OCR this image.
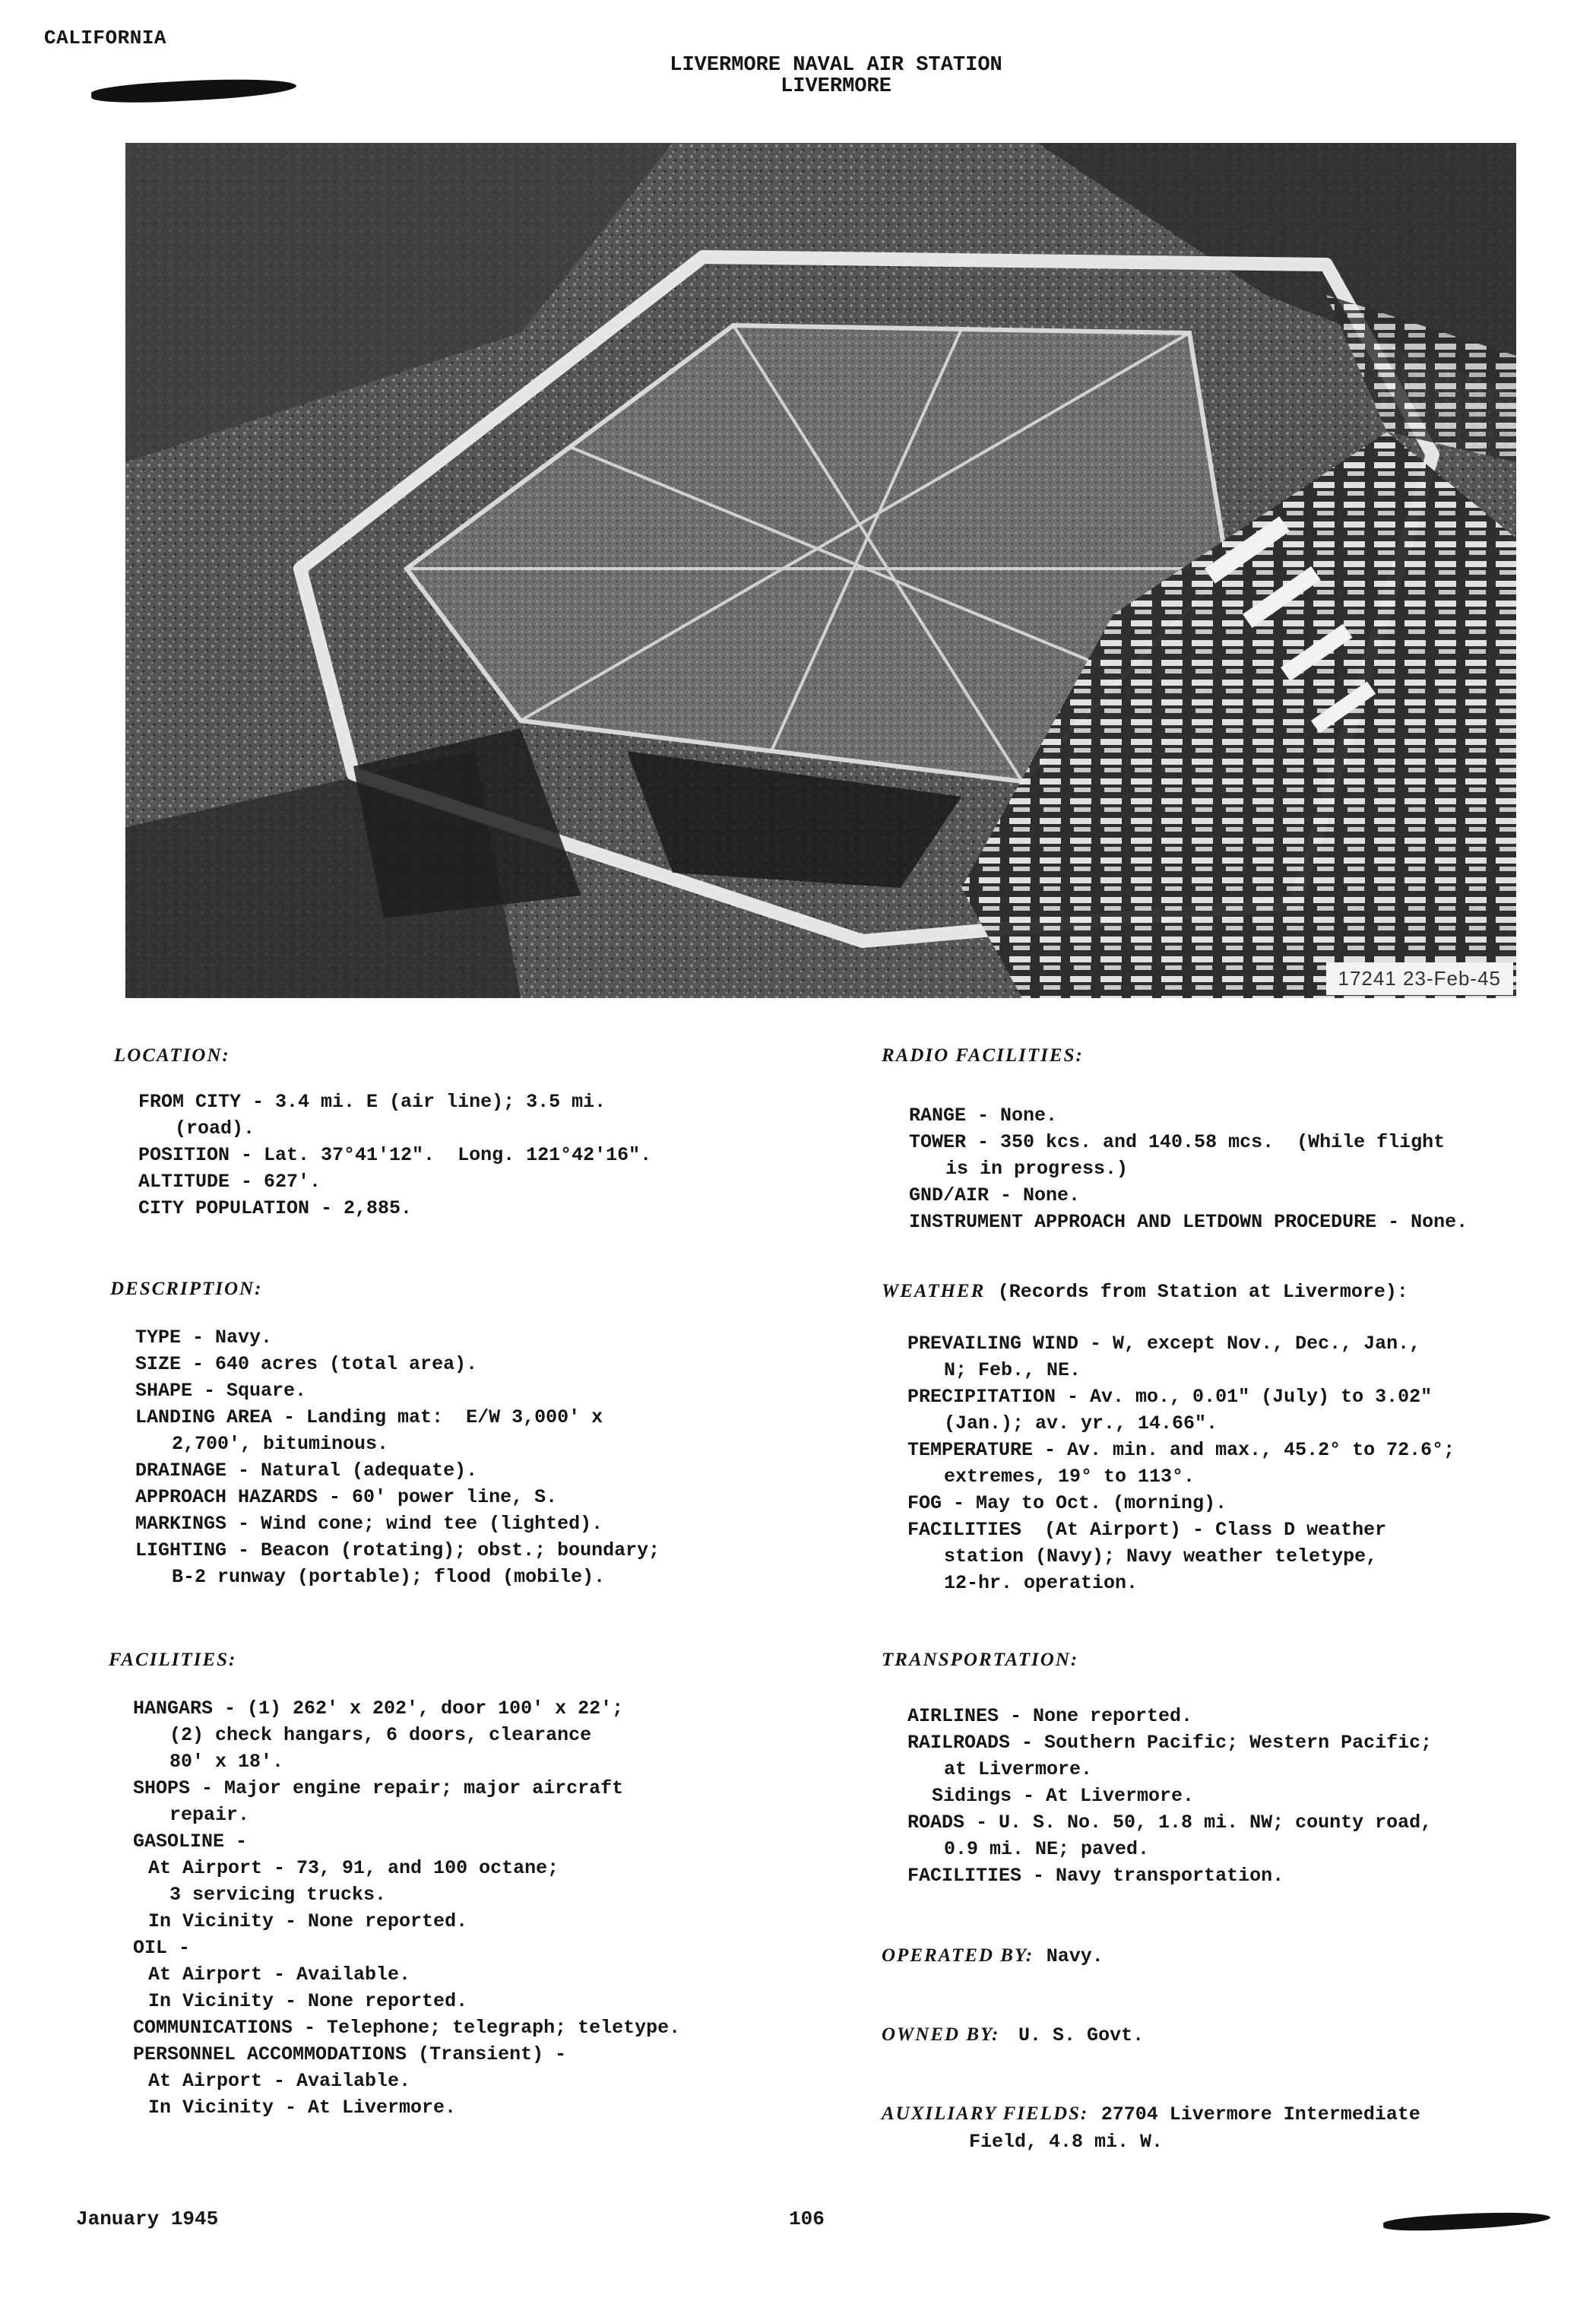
CALIFORNIA
LIVERMORE NAVAL AIR STATION
LIVERMORE
17241 23-Feb-45
LOCATION:
FROM CITY - 3.4 mi. E (air line); 3.5 mi.
(road).
POSITION - Lat. 37°41'12".  Long. 121°42'16".
ALTITUDE - 627'.
CITY POPULATION - 2,885.
DESCRIPTION:
TYPE - Navy.
SIZE - 640 acres (total area).
SHAPE - Square.
LANDING AREA - Landing mat:  E/W 3,000' x
2,700', bituminous.
DRAINAGE - Natural (adequate).
APPROACH HAZARDS - 60' power line, S.
MARKINGS - Wind cone; wind tee (lighted).
LIGHTING - Beacon (rotating); obst.; boundary;
B-2 runway (portable); flood (mobile).
FACILITIES:
HANGARS - (1) 262' x 202', door 100' x 22';
(2) check hangars, 6 doors, clearance
80' x 18'.
SHOPS - Major engine repair; major aircraft
repair.
GASOLINE -
At Airport - 73, 91, and 100 octane;
3 servicing trucks.
In Vicinity - None reported.
OIL -
At Airport - Available.
In Vicinity - None reported.
COMMUNICATIONS - Telephone; telegraph; teletype.
PERSONNEL ACCOMMODATIONS (Transient) -
At Airport - Available.
In Vicinity - At Livermore.
RADIO FACILITIES:
RANGE - None.
TOWER - 350 kcs. and 140.58 mcs.  (While flight
is in progress.)
GND/AIR - None.
INSTRUMENT APPROACH AND LETDOWN PROCEDURE - None.
WEATHER (Records from Station at Livermore):
PREVAILING WIND - W, except Nov., Dec., Jan.,
N; Feb., NE.
PRECIPITATION - Av. mo., 0.01" (July) to 3.02"
(Jan.); av. yr., 14.66".
TEMPERATURE - Av. min. and max., 45.2° to 72.6°;
extremes, 19° to 113°.
FOG - May to Oct. (morning).
FACILITIES  (At Airport) - Class D weather
station (Navy); Navy weather teletype,
12-hr. operation.
TRANSPORTATION:
AIRLINES - None reported.
RAILROADS - Southern Pacific; Western Pacific;
at Livermore.
Sidings - At Livermore.
ROADS - U. S. No. 50, 1.8 mi. NW; county road,
0.9 mi. NE; paved.
FACILITIES - Navy transportation.
OPERATED BY: Navy.
OWNED BY: U. S. Govt.
AUXILIARY FIELDS: 27704 Livermore Intermediate
Field, 4.8 mi. W.
January 1945	106
